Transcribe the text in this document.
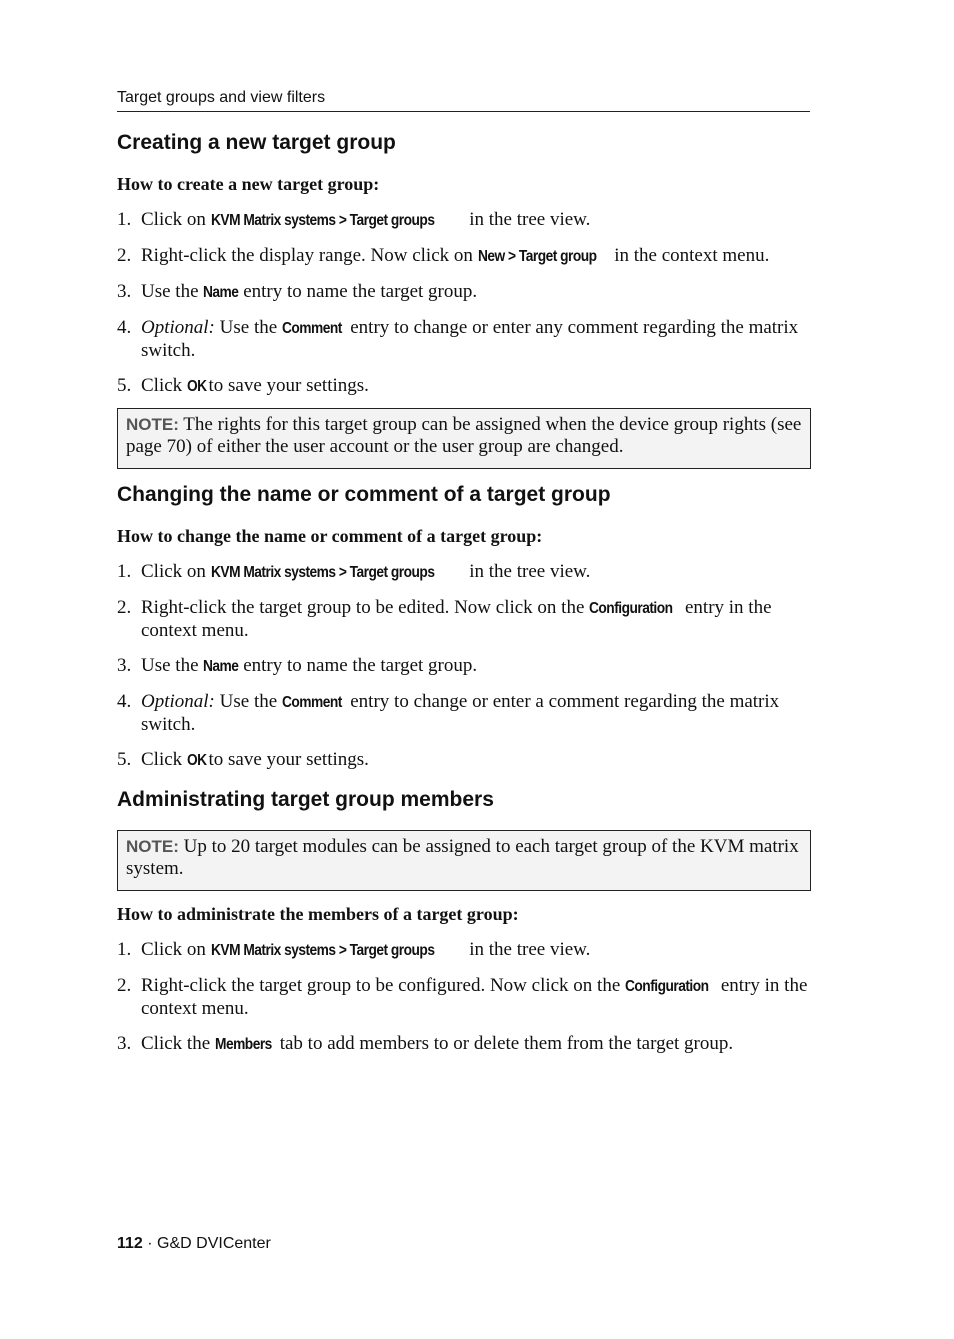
Target groups and view filters
Creating a new target group
How to create a new target group:
1. Click on KVM Matrix systems > Target groups in the tree view.
2. Right-click the display range. Now click on New > Target group in the context menu.
3. Use the Name entry to name the target group.
4. Optional: Use the Comment entry to change or enter any comment regarding the matrix switch.
5. Click OK to save your settings.
NOTE: The rights for this target group can be assigned when the device group rights (see page 70) of either the user account or the user group are changed.
Changing the name or comment of a target group
How to change the name or comment of a target group:
1. Click on KVM Matrix systems > Target groups in the tree view.
2. Right-click the target group to be edited. Now click on the Configuration entry in the context menu.
3. Use the Name entry to name the target group.
4. Optional: Use the Comment entry to change or enter a comment regarding the matrix switch.
5. Click OK to save your settings.
Administrating target group members
NOTE: Up to 20 target modules can be assigned to each target group of the KVM matrix system.
How to administrate the members of a target group:
1. Click on KVM Matrix systems > Target groups in the tree view.
2. Right-click the target group to be configured. Now click on the Configuration entry in the context menu.
3. Click the Members tab to add members to or delete them from the target group.
112 · G&D DVICenter
